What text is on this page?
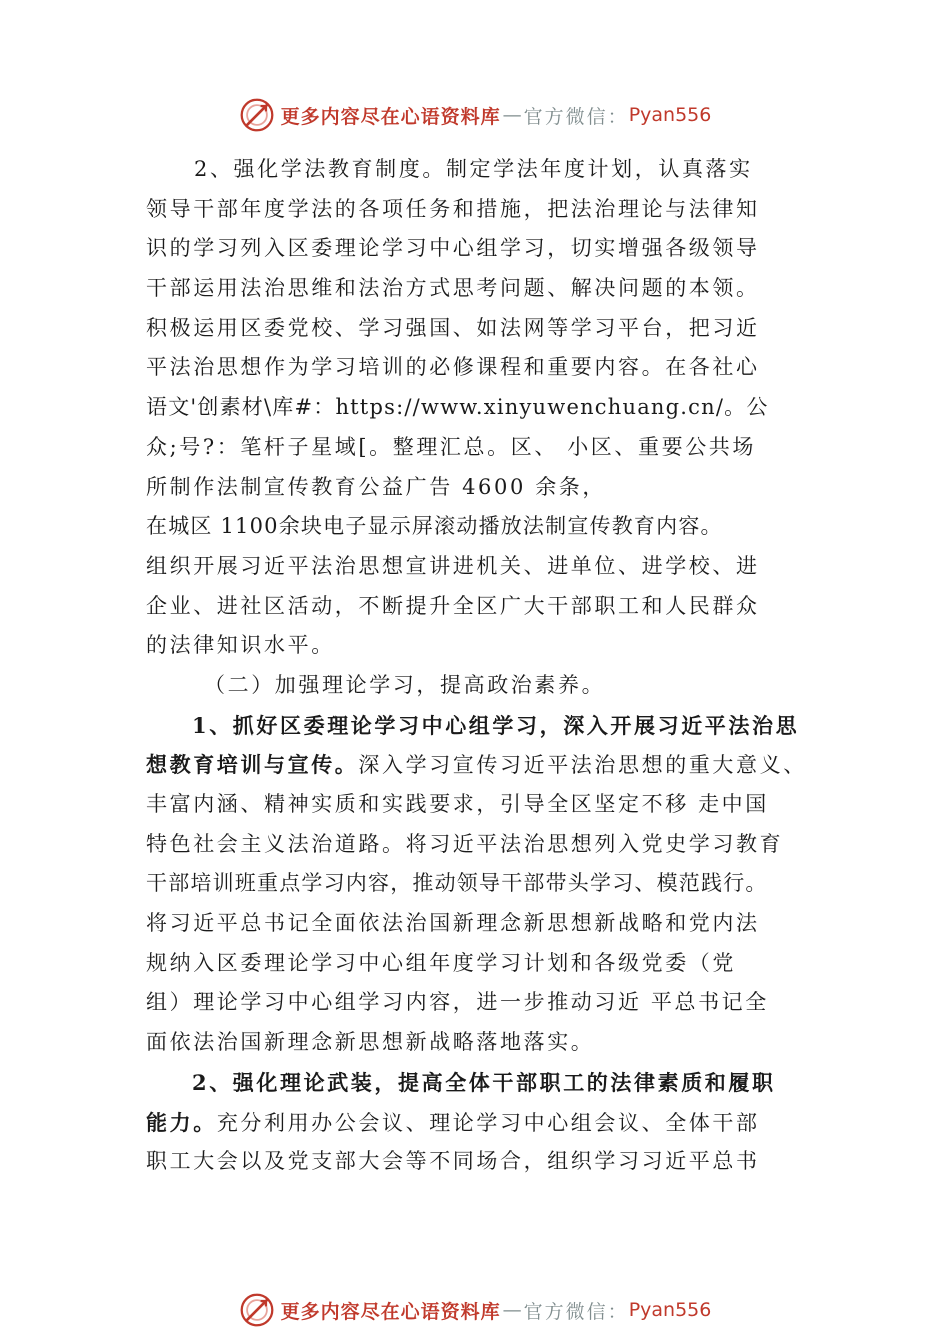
更多内容尽在心语资料库 — 官方微信： Pyan556
2、强化学法教育制度。制定学法年度计划，认真落实
领导干部年度学法的各项任务和措施，把法治理论与法律知
识的学习列入区委理论学习中心组学习，切实增强各级领导
干部运用法治思维和法治方式思考问题、解决问题的本领。
积极运用区委党校、学习强国、如法网等学习平台，把习近
平法治思想作为学习培训的必修课程和重要内容。在各社心
语文'创素材\库#：https://www.xinyuwenchuang.cn/。公
众;号?：笔杆子星域[。整理汇总。区、 小区、重要公共场
所制作法制宣传教育公益广告 4600 余条，
在城区 1100余块电子显示屏滚动播放法制宣传教育内容。
组织开展习近平法治思想宣讲进机关、进单位、进学校、进
企业、进社区活动，不断提升全区广大干部职工和人民群众
的法律知识水平。
（二）加强理论学习，提高政治素养。
1、抓好区委理论学习中心组学习，深入开展习近平法治思
想教育培训与宣传。深入学习宣传习近平法治思想的重大意义、
丰富内涵、精神实质和实践要求，引导全区坚定不移 走中国
特色社会主义法治道路。将习近平法治思想列入党史学习教育
干部培训班重点学习内容，推动领导干部带头学习、模范践行。
将习近平总书记全面依法治国新理念新思想新战略和党内法
规纳入区委理论学习中心组年度学习计划和各级党委（党
组）理论学习中心组学习内容，进一步推动习近 平总书记全
面依法治国新理念新思想新战略落地落实。
2、强化理论武装，提高全体干部职工的法律素质和履职
能力。充分利用办公会议、理论学习中心组会议、全体干部
职工大会以及党支部大会等不同场合，组织学习习近平总书
更多内容尽在心语资料库 — 官方微信： Pyan556
